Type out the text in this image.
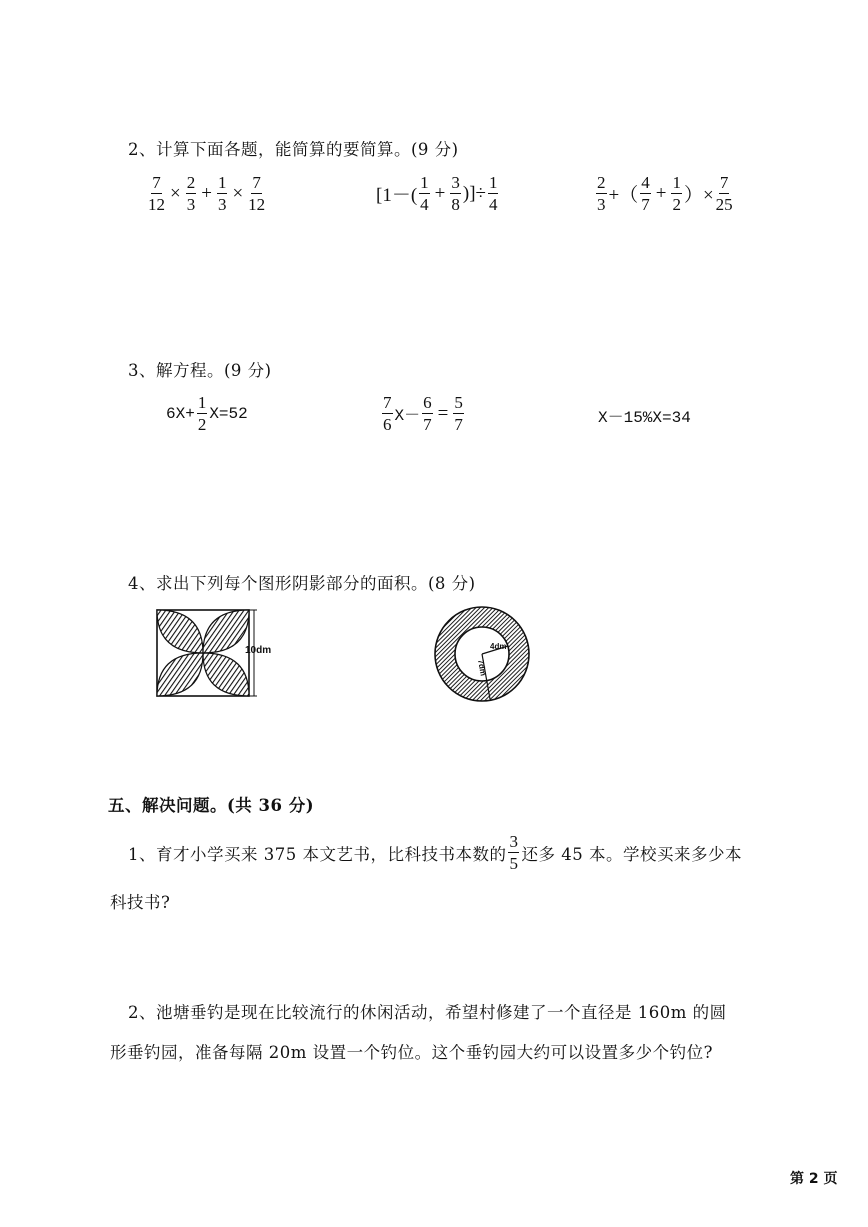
2、计算下面各题，能简算的要简算。(9 分)
$\frac{7}{12} \times \frac{2}{3} + \frac{1}{3} \times \frac{7}{12}$	[$1-( \frac{1}{4} + \frac{3}{8}$ )]÷ $\frac{1}{4}$	$\frac{2}{3}$ +（ $\frac{4}{7} + \frac{1}{2}$ ）× $\frac{7}{25}$
3、解方程。(9 分)
$6X+ \frac{1}{2} X=52$	$\frac{7}{6} X- \frac{6}{7} = \frac{5}{7}$	X－15%X=34
4、求出下列每个图形阴影部分的面积。(8 分)
10dm	4dm
7dm
五、解决问题。(共 36 分)
1、育才小学买来 375 本文艺书，比科技书本数的 $\frac{3}{5}$ 还多 45 本。学校买来多少本
科技书?
2、池塘垂钓是现在比较流行的休闲活动，希望村修建了一个直径是 160m 的圆
形垂钓园，准备每隔 20m 设置一个钓位。这个垂钓园大约可以设置多少个钓位?
第 2 页
